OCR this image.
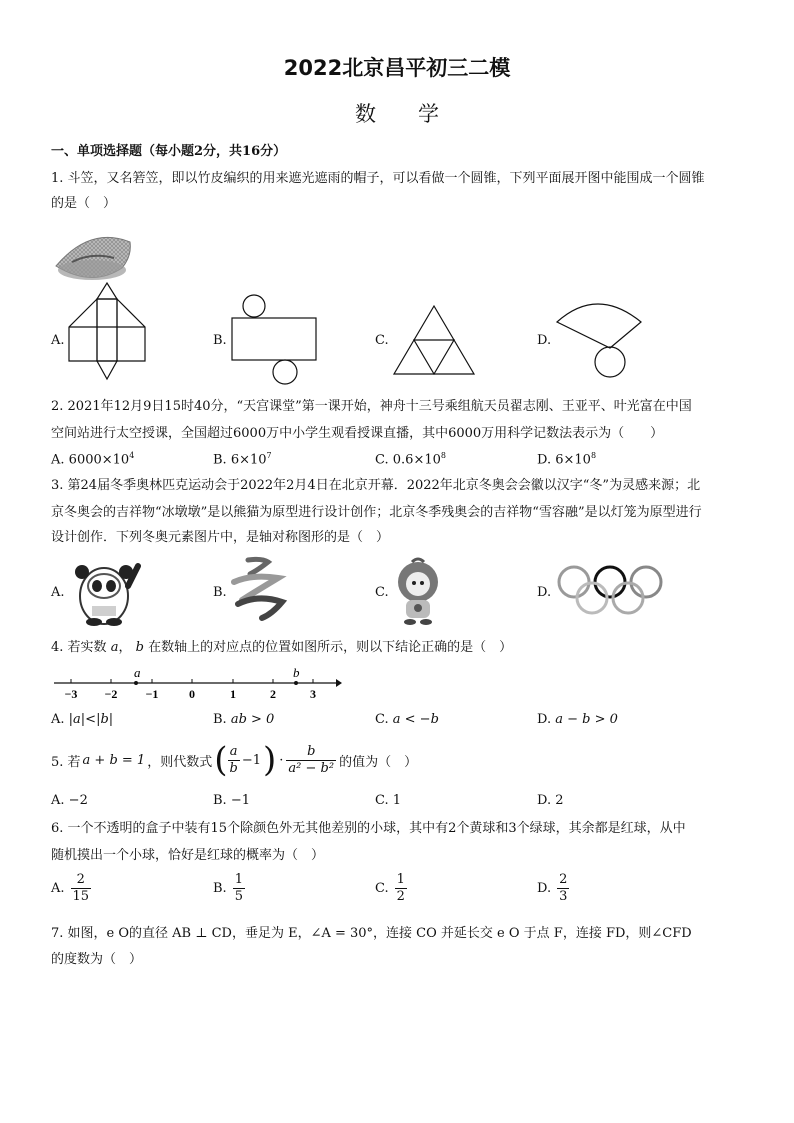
2022北京昌平初三二模
数　　学
一、单项选择题（每小题2分，共16分）
1. 斗笠，又名箬笠，即以竹皮编织的用来遮光遮雨的帽子，可以看做一个圆锥，下列平面展开图中能围成一个圆锥
的是（　）
A.	B.	C.	D.
2. 2021年12月9日15时40分，“天宫课堂”第一课开始，神舟十三号乘组航天员翟志刚、王亚平、叶光富在中国
空间站进行太空授课，全国超过6000万中小学生观看授课直播，其中6000万用科学记数法表示为（　　）
A. $6000\times 10^4$	B. $6\times 10^7$	C. $0.6\times 10^8$	D. $6\times 10^8$
3. 第24届冬季奥林匹克运动会于2022年2月4日在北京开幕．2022年北京冬奥会会徽以汉字“冬”为灵感来源；北
京冬奥会的吉祥物“冰墩墩”是以熊猫为原型进行设计创作；北京冬季残奥会的吉祥物“雪容融”是以灯笼为原型进行
设计创作．下列冬奥元素图片中，是轴对称图形的是（　）
A.	B.	C.	D.
4. 若实数 a， b 在数轴上的对应点的位置如图所示，则以下结论正确的是（　）
a	b
−3 −2 −1	0	1	2	3
A. |a|<|b|	B. ab > 0	C. a < −b	D. a − b > 0
5. 若 a + b = 1 ，则代数式 ( $\frac{a}{b} -1$ ) · $\frac{b}{\text{a² − b²}}$ 的值为（　）
A. −2	B. −1	C. 1	D. 2
6. 一个不透明的盒子中装有15个除颜色外无其他差别的小球，其中有2个黄球和3个绿球，其余都是红球，从中
随机摸出一个小球，恰好是红球的概率为（　）
A. $\frac{2}{15}$	B. $\frac{1}{5}$	C. $\frac{1}{2}$	D. $\frac{2}{3}$
7. 如图，e O的直径 AB ⊥ CD，垂足为 E，∠A = 30°，连接 CO 并延长交 e O 于点 F，连接 FD，则∠CFD
的度数为（　）
